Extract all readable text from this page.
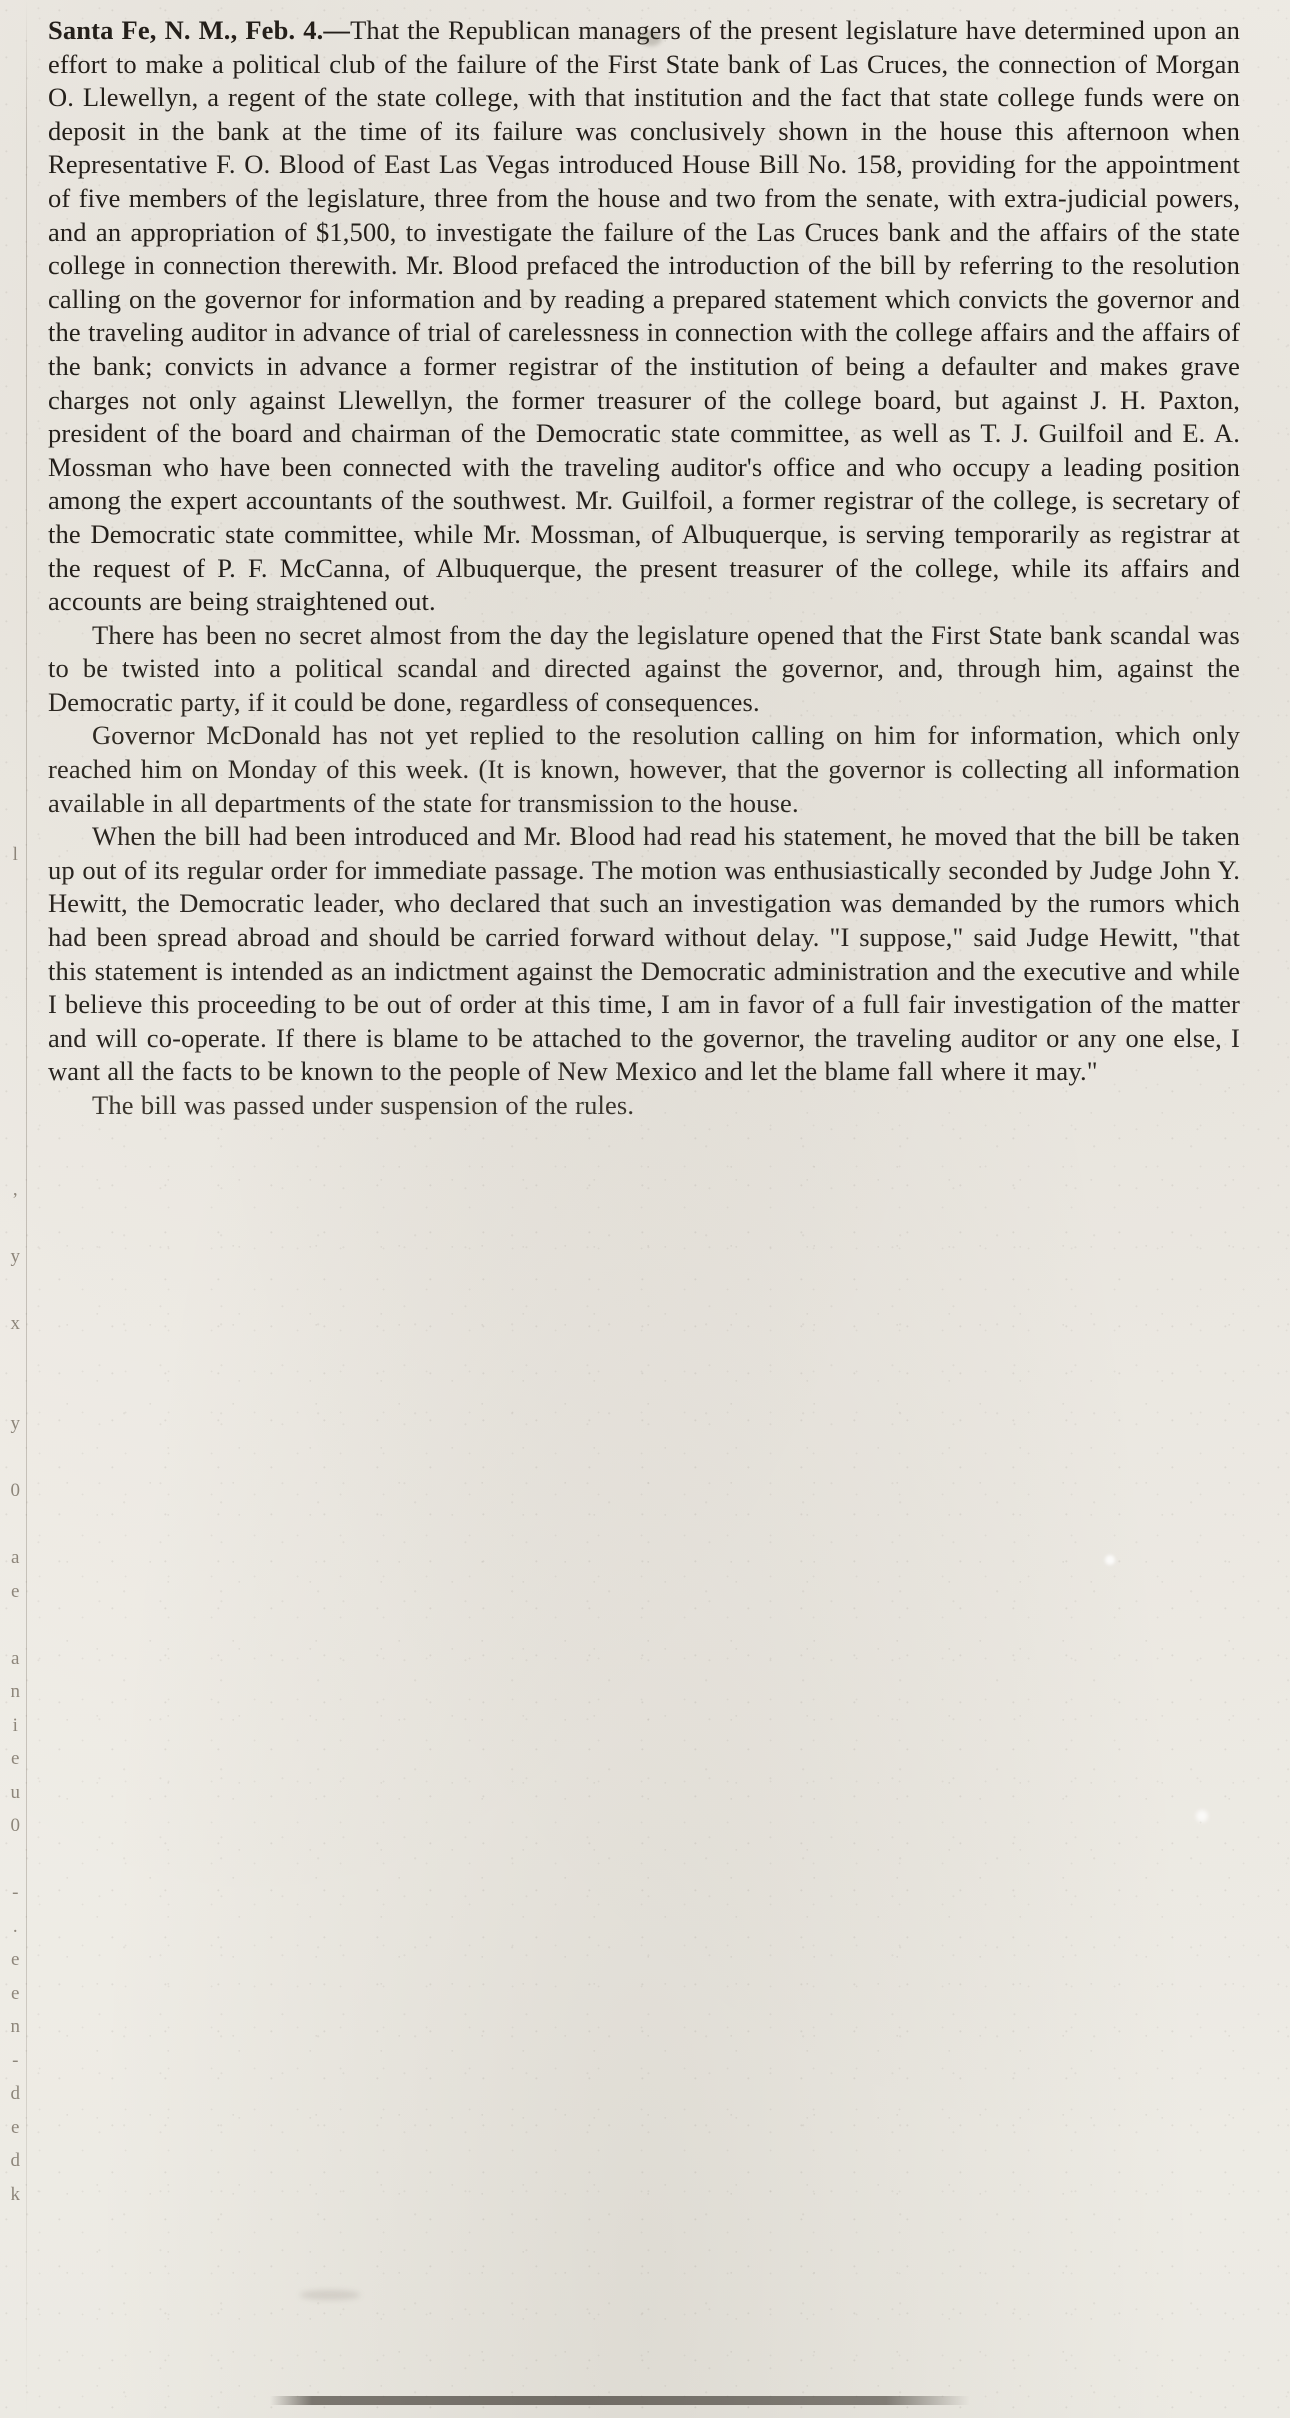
l
,
y
x
y
0
a
e
a
n
i
e
u
0
-
.
e
e
n
-
d
e
d
k

Santa Fe, N. M., Feb. 4.—That the Republican managers of the present legislature have determined upon an effort to make a political club of the failure of the First State bank of Las Cruces, the connection of Morgan O. Llewellyn, a regent of the state college, with that institution and the fact that state college funds were on deposit in the bank at the time of its failure was conclusively shown in the house this afternoon when Representative F. O. Blood of East Las Vegas introduced House Bill No. 158, providing for the appointment of five members of the legislature, three from the house and two from the senate, with extra-judicial powers, and an appropriation of $1,500, to investigate the failure of the Las Cruces bank and the affairs of the state college in connection therewith. Mr. Blood prefaced the introduction of the bill by referring to the resolution calling on the governor for information and by reading a prepared statement which convicts the governor and the traveling auditor in advance of trial of carelessness in connection with the college affairs and the affairs of the bank; convicts in advance a former registrar of the institution of being a defaulter and makes grave charges not only against Llewellyn, the former treasurer of the college board, but against J. H. Paxton, president of the board and chairman of the Democratic state committee, as well as T. J. Guilfoil and E. A. Mossman who have been connected with the traveling auditor's office and who occupy a leading position among the expert accountants of the southwest. Mr. Guilfoil, a former registrar of the college, is secretary of the Democratic state committee, while Mr. Mossman, of Albuquerque, is serving temporarily as registrar at the request of P. F. McCanna, of Albuquerque, the present treasurer of the college, while its affairs and accounts are being straightened out.

There has been no secret almost from the day the legislature opened that the First State bank scandal was to be twisted into a political scandal and directed against the governor, and, through him, against the Democratic party, if it could be done, regardless of consequences.

Governor McDonald has not yet replied to the resolution calling on him for information, which only reached him on Monday of this week. (It is known, however, that the governor is collecting all information available in all departments of the state for transmission to the house.

When the bill had been introduced and Mr. Blood had read his statement, he moved that the bill be taken up out of its regular order for immediate passage. The motion was enthusiastically seconded by Judge John Y. Hewitt, the Democratic leader, who declared that such an investigation was demanded by the rumors which had been spread abroad and should be carried forward without delay. "I suppose," said Judge Hewitt, "that this statement is intended as an indictment against the Democratic administration and the executive and while I believe this proceeding to be out of order at this time, I am in favor of a full fair investigation of the matter and will co-operate. If there is blame to be attached to the governor, the traveling auditor or any one else, I want all the facts to be known to the people of New Mexico and let the blame fall where it may."

The bill was passed under suspension of the rules.
